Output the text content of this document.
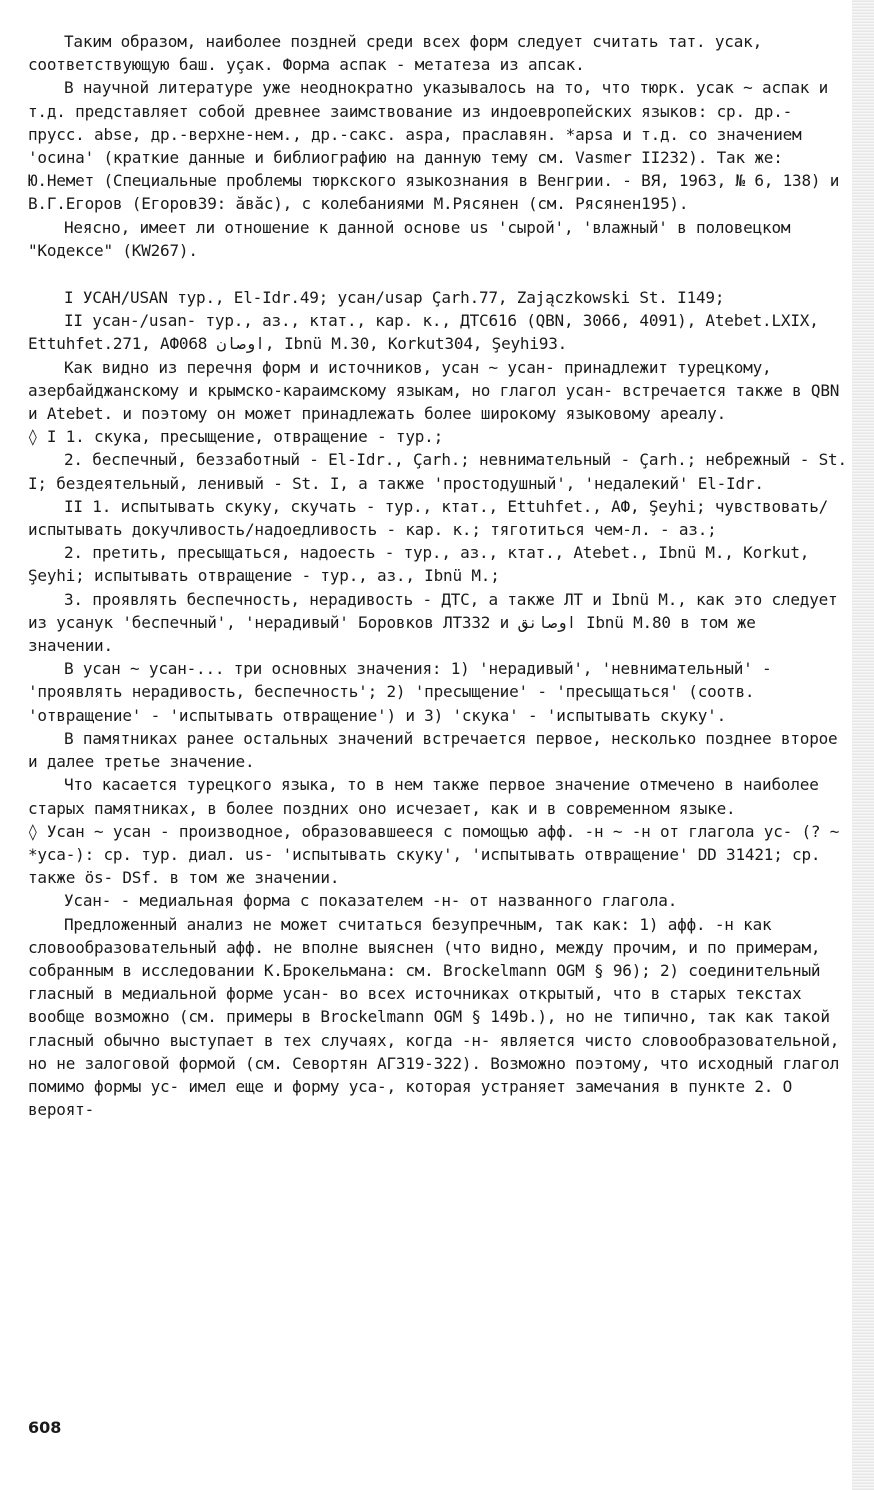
Таким образом, наиболее поздней среди всех форм следует считать тат. усак, соответствующую баш. уҫак. Форма аспак - метатеза из апсак.

В научной литературе уже неоднократно указывалось на то, что тюрк. усак ~ аспак и т.д. представляет собой древнее заимствование из индоевропейских языков: ср. др.-прусс. abse, др.-верхне-нем., др.-сакс. aspa, праславян. *apsa и т.д. со значением 'осина' (краткие данные и библиографию на данную тему см. Vasmer II232). Так же: Ю.Немет (Специальные проблемы тюркского языкознания в Венгрии. - ВЯ, 1963, № 6, 138) и В.Г.Егоров (Егоров39: ăвăс), с колебаниями М.Рясянен (см. Рясянен195).

Неясно, имеет ли отношение к данной основе us 'сырой', 'влажный' в половецком "Кодексе" (KW267).

I УСАН/USAN тур., El-Idr.49; усан/usap Çarh.77, Zajączkowski St. I149;

II усан-/usan- тур., аз., ктат., кар. к., ДТС616 (QBN, 3066, 4091), Atebet.LXIX, Ettuhfet.271, АФ068 اوصان, Ibnü M.30, Korkut304, Şeyhi93.

Как видно из перечня форм и источников, усан ~ усан- принадлежит турецкому, азербайджанскому и крымско-караимскому языкам, но глагол усан- встречается также в QBN и Atebet. и поэтому он может принадлежать более широкому языковому ареалу.

◊ I 1. скука, пресыщение, отвращение - тур.;

2. беспечный, беззаботный - El-Idr., Çarh.; невнимательный - Çarh.; небрежный - St. I; бездеятельный, ленивый - St. I, а также 'простодушный', 'недалекий' El-Idr.

II 1. испытывать скуку, скучать - тур., ктат., Ettuhfet., АФ, Şeyhi; чувствовать/испытывать докучливость/надоедливость - кар. к.; тяготиться чем-л. - аз.;

2. претить, пресыщаться, надоесть - тур., аз., ктат., Atebet., Ibnü M., Korkut, Şeyhi; испытывать отвращение - тур., аз., Ibnü M.;

3. проявлять беспечность, нерадивость - ДТС, а также ЛТ и Ibnü M., как это следует из усанук 'беспечный', 'нерадивый' Боровков ЛТ332 и اوصانق Ibnü M.80 в том же значении.

В усан ~ усан-... три основных значения: 1) 'нерадивый', 'невнимательный' - 'проявлять нерадивость, беспечность'; 2) 'пресыщение' - 'пресыщаться' (соотв. 'отвращение' - 'испытывать отвращение') и 3) 'скука' - 'испытывать скуку'.

В памятниках ранее остальных значений встречается первое, несколько позднее второе и далее третье значение.

Что касается турецкого языка, то в нем также первое значение отмечено в наиболее старых памятниках, в более поздних оно исчезает, как и в современном языке.

◊ Усан ~ усан - производное, образовавшееся с помощью афф. -н ~ -н от глагола ус- (? ~ *уса-): ср. тур. диал. us- 'испытывать скуку', 'испытывать отвращение' DD 31421; ср. также ös- DSf. в том же значении.

Усан- - медиальная форма с показателем -н- от названного глагола.

Предложенный анализ не может считаться безупречным, так как: 1) афф. -н как словообразовательный афф. не вполне выяснен (что видно, между прочим, и по примерам, собранным в исследовании К.Брокельмана: см. Brockelmann OGM § 96); 2) соединительный гласный в медиальной форме усан- во всех источниках открытый, что в старых текстах вообще возможно (см. примеры в Brockelmann OGM § 149b.), но не типично, так как такой гласный обычно выступает в тех случаях, когда -н- является чисто словообразовательной, но не залоговой формой (см. Севортян АГ319-322). Возможно поэтому, что исходный глагол помимо формы ус- имел еще и форму уса-, которая устраняет замечания в пункте 2. О вероят-

608
